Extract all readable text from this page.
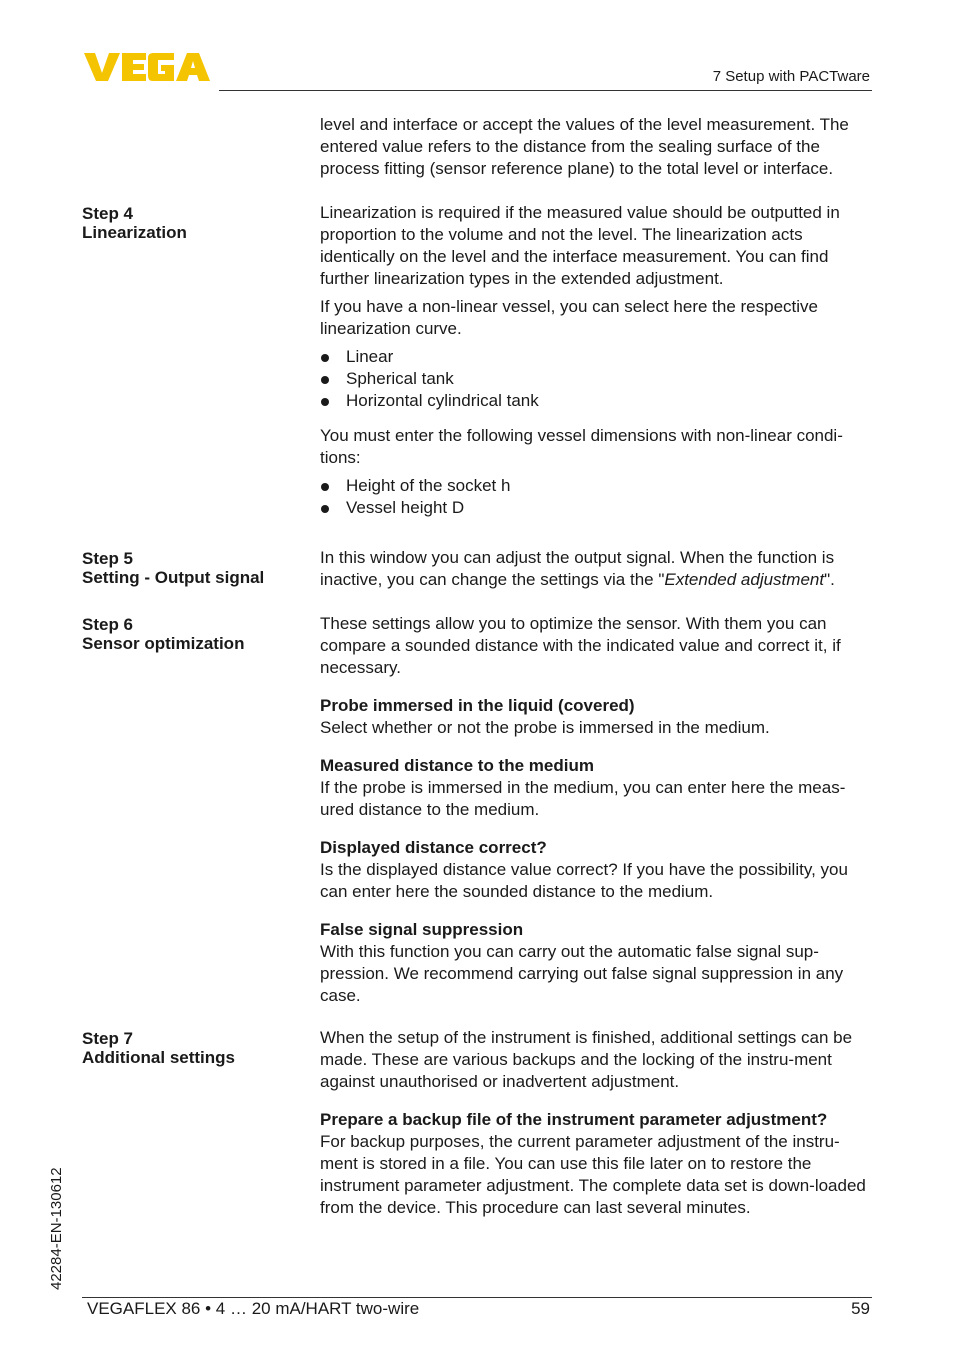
7 Setup with PACTware

level and interface or accept the values of the level measurement. The entered value refers to the distance from the sealing surface of the process fitting (sensor reference plane) to the total level or interface.

Step 4
Linearization

Linearization is required if the measured value should be outputted in proportion to the volume and not the level. The linearization acts identically on the level and the interface measurement. You can find further linearization types in the extended adjustment.

If you have a non-linear vessel, you can select here the respective linearization curve.

Linear
Spherical tank
Horizontal cylindrical tank

You must enter the following vessel dimensions with non-linear condi-tions:

Height of the socket h
Vessel height D
Step 5
Setting - Output signal

In this window you can adjust the output signal. When the function is inactive, you can change the settings via the "Extended adjustment".

Step 6
Sensor optimization

These settings allow you to optimize the sensor. With them you can compare a sounded distance with the indicated value and correct it, if necessary.

Probe immersed in the liquid (covered)

Select whether or not the probe is immersed in the medium.

Measured distance to the medium

If the probe is immersed in the medium, you can enter here the meas-ured distance to the medium.

Displayed distance correct?

Is the displayed distance value correct? If you have the possibility, you can enter here the sounded distance to the medium.

False signal suppression

With this function you can carry out the automatic false signal sup-pression. We recommend carrying out false signal suppression in any case.

Step 7
Additional settings

When the setup of the instrument is finished, additional settings can be made. These are various backups and the locking of the instru-ment against unauthorised or inadvertent adjustment.

Prepare a backup file of the instrument parameter adjustment?

For backup purposes, the current parameter adjustment of the instru-ment is stored in a file. You can use this file later on to restore the instrument parameter adjustment. The complete data set is down-loaded from the device. This procedure can last several minutes.

42284-EN-130612
VEGAFLEX 86 • 4 … 20 mA/HART two-wire	59
